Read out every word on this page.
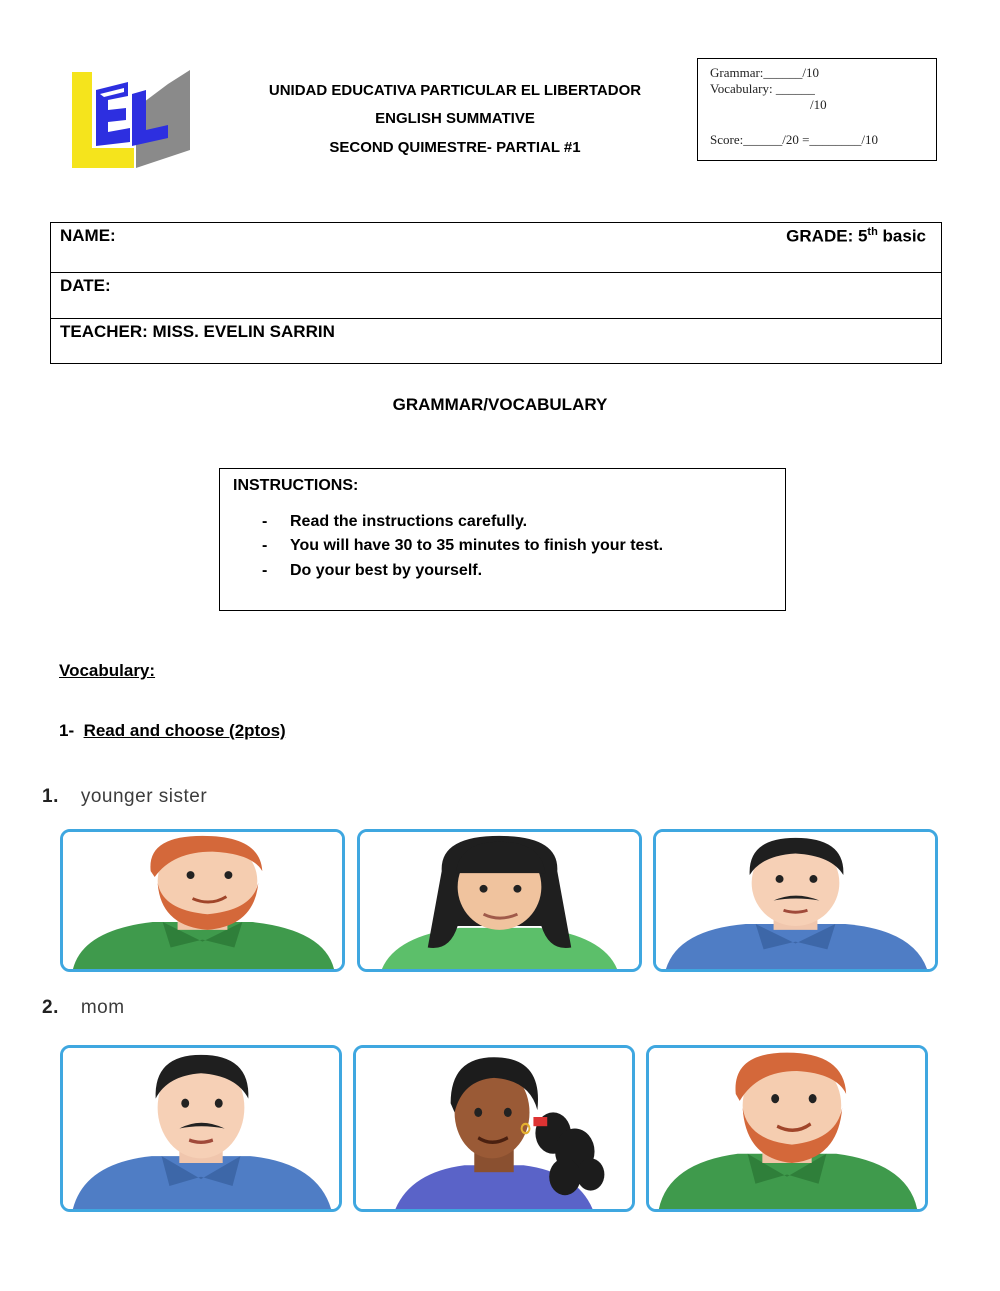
UNIDAD EDUCATIVA PARTICULAR EL LIBERTADOR
ENGLISH SUMMATIVE
SECOND QUIMESTRE- PARTIAL #1
Grammar:______/10
Vocabulary: ______
/10
Score:______/20 =________/10
NAME:	GRADE: 5th basic
DATE:
TEACHER: MISS. EVELIN SARRIN
GRAMMAR/VOCABULARY
INSTRUCTIONS:
- Read the instructions carefully.
- You will have 30 to 35 minutes to finish your test.
- Do your best by yourself.
Vocabulary:
1- Read and choose (2ptos)
1. younger sister
2. mom
